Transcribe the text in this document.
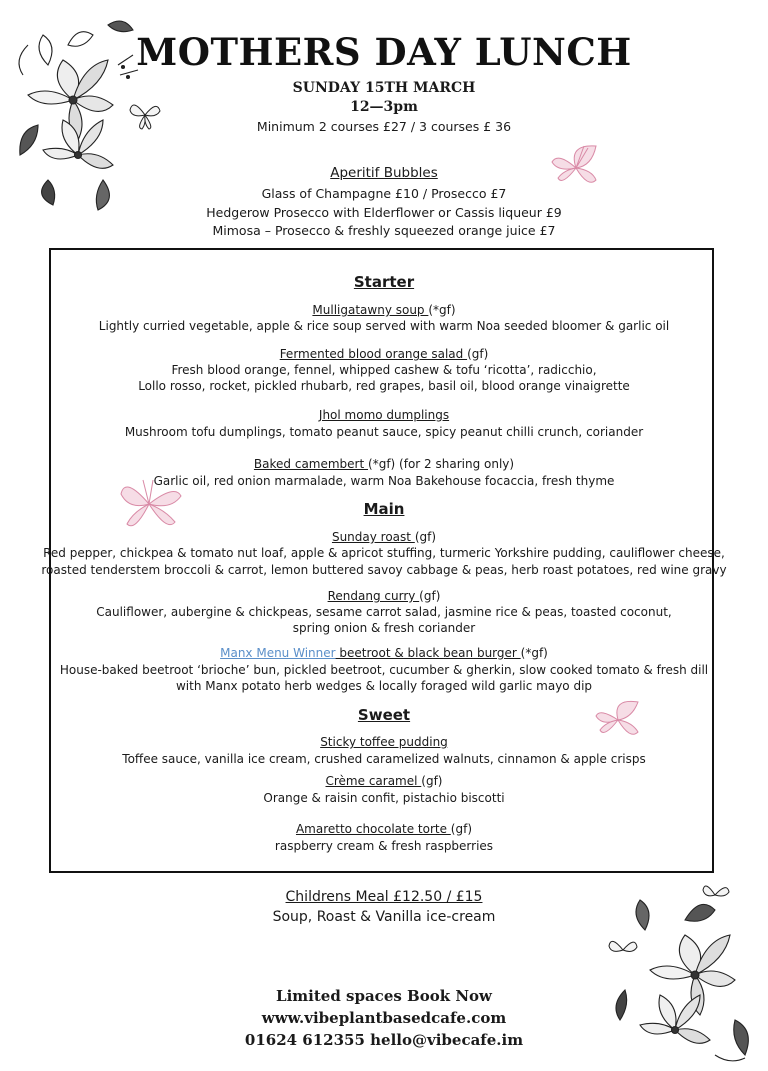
MOTHERS DAY LUNCH
SUNDAY 15TH MARCH
12—3pm
Minimum 2 courses £27 / 3 courses £ 36
Aperitif Bubbles
Glass of Champagne £10 / Prosecco £7
Hedgerow Prosecco with Elderflower or Cassis liqueur £9
Mimosa – Prosecco & freshly squeezed orange juice £7
Starter
Mulligatawny soup (*gf)
Lightly curried vegetable, apple & rice soup served with warm Noa seeded bloomer & garlic oil
Fermented blood orange salad (gf)
Fresh blood orange, fennel, whipped cashew & tofu ‘ricotta’, radicchio,
Lollo rosso, rocket, pickled rhubarb, red grapes, basil oil, blood orange vinaigrette
Jhol momo dumplings
Mushroom tofu dumplings, tomato peanut sauce, spicy peanut chilli crunch, coriander
Baked camembert (*gf) (for 2 sharing only)
Garlic oil, red onion marmalade, warm Noa Bakehouse focaccia, fresh thyme
Main
Sunday roast (gf)
Red pepper, chickpea & tomato nut loaf, apple & apricot stuffing, turmeric Yorkshire pudding, cauliflower cheese,
roasted tenderstem broccoli & carrot, lemon buttered savoy cabbage & peas, herb roast potatoes, red wine gravy
Rendang curry (gf)
Cauliflower, aubergine & chickpeas, sesame carrot salad, jasmine rice & peas, toasted coconut,
spring onion & fresh coriander
Manx Menu Winner beetroot & black bean burger (*gf)
House-baked beetroot ‘brioche’ bun, pickled beetroot, cucumber & gherkin, slow cooked tomato & fresh dill
with Manx potato herb wedges & locally foraged wild garlic mayo dip
Sweet
Sticky toffee pudding
Toffee sauce, vanilla ice cream, crushed caramelized walnuts, cinnamon & apple crisps
Crème caramel (gf)
Orange & raisin confit, pistachio biscotti
Amaretto chocolate torte (gf)
raspberry cream & fresh raspberries
Childrens Meal £12.50 / £15
Soup, Roast & Vanilla ice-cream
Limited spaces Book Now
www.vibeplantbasedcafe.com
01624 612355 hello@vibecafe.im
